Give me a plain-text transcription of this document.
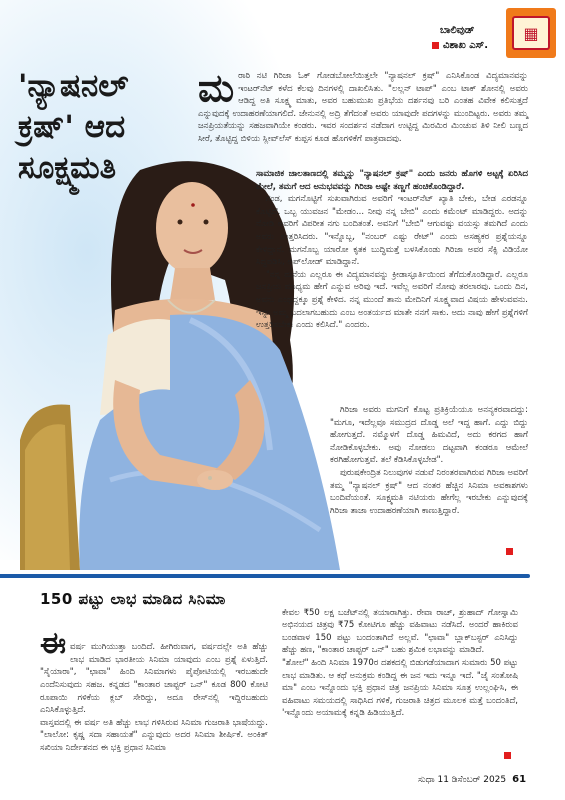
ಬಾಲಿವುಡ್
ವಿಶಾಖ ಎಸ್.
▦
'ನ್ಯಾಷನಲ್
ಕ್ರಷ್' ಆದ
ಸೂಕ್ಷ್ಮಮತಿ
ಮ ರಾಠಿ ನಟಿ ಗಿರಿಜಾ ಓಕ್ ಗೋಡಬೋಲೆಯಿತ್ತಲೇ "ನ್ಯಾಷನಲ್ ಕ್ರಷ್" ಎನಿಸಿಕೊಂಡ ವಿದ್ಯಮಾನವನ್ನು ಇಂಟರ್‌ನೆಟ್ ಕಳೆದ ಕೆಲವು ದಿನಗಳಲ್ಲಿ ದಾಖಲಿಸಿತು. "ಲಲ್ಲನ್ ಟಾಪ್" ಎಂಬ ಟಾಕ್ ಶೋನಲ್ಲಿ ಅವರು ಆಡಿದ್ದ ಅತಿ ಸೂಕ್ಷ್ಮ ಮಾತು, ಅವರ ಬಹುಮುಖ ಪ್ರತಿಭೆಯ ದರ್ಶನವು ಬರಿ ಎಂತಹ ವಿವೇಕ ಕಲಿಸುತ್ತದೆ ಎನ್ನುವುದಕ್ಕೆ ಉದಾಹರಣೆಯಾಗಲಿದೆ. ಜೇನುನಲ್ಲಿ ಅದ್ರಿ ತೆಗೆದಂತೆ ಅವರು ಯಾವುದೇ ಪದಗಳನ್ನು ಮುಂದಿಟ್ಟರು. ಅವರು ತಮ್ಮ ಜನಪ್ರಿಯತೆಯನ್ನು ಸಹಜವಾಗಿಯೇ ಕಂಡರು. ಇವರ ಸಂದರ್ಶನ ನಡೆದಾಗ ಉಟ್ಟಿದ್ದ ಮಿರಮಿರ ಮಿಂಚುವ ತಿಳಿ ನೀಲಿ ಬಣ್ಣದ ಸೀರೆ, ತೊಟ್ಟಿದ್ದ ಬಿಳಿಯ ಸ್ಲೀವ್‌ಲೆಸ್ ಕುಪ್ಪಸ ಕೂಡ ಹೊಗಳಿಕೆಗೆ ಪಾತ್ರವಾದವು.

ಸಾಮಾಜಿಕ ಜಾಲತಾಣದಲ್ಲಿ ತಮ್ಮನ್ನು "ನ್ಯಾಷನಲ್ ಕ್ರಷ್" ಎಂದು ಜನರು ಹೊಗಳಿ ಅಟ್ಟಕ್ಕೆ ಏರಿಸಿದ ಮೇಲೆ, ತಮಗೆ ಆದ ಅನುಭವವನ್ನು ಗಿರಿಜಾ ಅಷ್ಟೇ ತಣ್ಣಗೆ ಹಂಚಿಕೊಂಡಿದ್ದಾರೆ.

ಗಂಡ, ಮಗನೊಟ್ಟಿಗೆ ಸುಖವಾಗಿರುವ ಅವರಿಗೆ ಇಂಟರ್‌ನೆಟ್ ಖ್ಯಾತಿ ಬೇಕು, ಬೇಡ ಎರಡನ್ನೂ ಕೊಟ್ಟಿದೆ. ಒಬ್ಬ ಯುವಜನ "ಮೇಡಂ... ನೀವು ನನ್ನ ಬೇಬಿ" ಎಂದು ಕಮೆಂಟ್ ಮಾಡಿದ್ದರು. ಅದನ್ನು ನೋಡಿ ಅವರಿಗೆ ವಿಪರೀತ ನಗು ಬಂದಿತಂತೆ. ಅವನಿಗೆ "ಬೇಬಿ" ಆಗುವಷ್ಟು ವಯಸ್ಸು ತಮಗಿದೆ ಎಂದು ಅವರು ಉತ್ತರಿಸಿದರು. "ಇನ್ನೊಬ್ಬ, "ನಂಬರ್ ಎಷ್ಟು ರೇಟ್" ಎಂದು ಅಸಹ್ಯಕರ ಪ್ರಶ್ನೆಯನ್ನೂ ಕೇಳಿದ್ದಾನೆ. ಮಗನೊಬ್ಬ ಯಾರೋ ಕೃತಕ ಬುದ್ಧಿಮತ್ತೆ ಬಳಸಿಕೊಂಡು ಗಿರಿಜಾ ಅವರ ಸೆಕ್ಸಿ ವಿಡಿಯೋ ಸಿದ್ಧಪಡಿಸಿ, ಅಪ್‌ಲೋಡ್ ಮಾಡಿದ್ದಾನೆ.

"ನನ್ನ ಮನೆಯ ಎಲ್ಲರೂ ಈ ವಿದ್ಯಮಾನವನ್ನು ಕ್ರೀಡಾಸ್ಫೂರ್ತಿಯಿಂದ ತೆಗೆದುಕೊಂಡಿದ್ದಾರೆ. ಎಲ್ಲರೂ ಜನಪ್ರಿಯ ಮಾಧ್ಯಮ ಹೇಗೆ ಎನ್ನುವ ಅರಿವು ಇದೆ. ಇವೆಲ್ಲ ಅವರಿಗೆ ನೋವು ತರಲಾರವು. ಒಂದು ದಿನ, ಅವನು ಎಂಥದ್ದಕ್ಕೂ ಪ್ರಶ್ನೆ ಕೇಳಿದ. ನನ್ನ ಮುಂದೆ ತಾನು ಮೇದಿನಿಗೆ ಸೂಕ್ಷ್ಮವಾದ ವಿಷಯ ಹೇಳುವವನು. ಇನ್ನು ಅಮ್ಮ ಬದಲಾಗಬಹುದು ಎಂಬ ಅಂತರ್ಯದ ಮಾತೇ ನನಗೆ ಸಾಕು. ಅದು ನಾವು ಹೇಗೆ ಪ್ರಶ್ನೆಗಳಿಗೆ ಉತ್ತರಿಸಬೇಕು ಎಂದು ಕಲಿಸಿದೆ." ಎಂದರು.

ಗಿರಿಜಾ ಅವರು ಮಗನಿಗೆ ಕೊಟ್ಟ ಪ್ರತಿಕ್ರಿಯೆಯೂ ಅನನ್ಯಕರವಾದದ್ದು: "ಮಗೂ, ಇದೆಲ್ಲವೂ ಸಮುದ್ರದ ದೊಡ್ಡ ಅಲೆ ಇದ್ದ ಹಾಗೆ. ಎದ್ದು ಬಿದ್ದು ಹೋಗುತ್ತದೆ. ನಮ್ಮೊಳಗೆ ದೊಡ್ಡ ಹಿಮವಿದೆ, ಅದು ಕರಗದ ಹಾಗೆ ನೋಡಿಕೊಳ್ಳಬೇಕು. ಅವು ನೋಡಲು ದಟ್ಟವಾಗಿ ಕಂಡರೂ ಆಮೇಲೆ ಕರಗಿಹೋಗುತ್ತವೆ. ತಲೆ ಕೆಡಿಸಿಕೊಳ್ಳಬೇಡ".

ಪುರುಷಕೇಂದ್ರಿತ ನಿಲುವುಗಳ ನಡುವೆ ನಿರಂತರವಾಗಿರುವ ಗಿರಿಜಾ ಅವರಿಗೆ ತಮ್ಮ "ನ್ಯಾಷನಲ್ ಕ್ರಷ್" ಆದ ನಂತರ ಹೆಚ್ಚಿನ ಸಿನಿಮಾ ಅವಕಾಶಗಳು ಬಂದಿವೆಯಂತೆ. ಸೂಕ್ಷ್ಮಮತಿ ನಟಿಯರು ಹೇಗೆಲ್ಲ ಇರಬೇಕು ಎನ್ನುವುದಕ್ಕೆ ಗಿರಿಜಾ ತಾಜಾ ಉದಾಹರಣೆಯಾಗಿ ಕಾಣುತ್ತಿದ್ದಾರೆ.

150 ಪಟ್ಟು ಲಾಭ ಮಾಡಿದ ಸಿನಿಮಾ

ಈ ವರ್ಷ ಮುಗಿಯುತ್ತಾ ಬಂದಿದೆ. ಹೀಗಿರುವಾಗ, ವರ್ಷದಲ್ಲೇ ಅತಿ ಹೆಚ್ಚು ಲಾಭ ಮಾಡಿದ ಭಾರತೀಯ ಸಿನಿಮಾ ಯಾವುದು ಎಂಬ ಪ್ರಶ್ನೆ ಏಳುತ್ತಿದೆ. "ಸೈಯಾರಾ", "ಛಾವಾ" ಹಿಂದಿ ಸಿನಿಮಾಗಳು ಪೈಪೋಟಿಯಲ್ಲಿ ಇರಬಹುದೇ ಎಂದೆನಿಸುವುದು ಸಹಜ. ಕನ್ನಡದ "ಕಾಂತಾರ ಚಾಪ್ಟರ್ ಒನ್" ಕೂಡ 800 ಕೋಟಿ ರೂಪಾಯಿ ಗಳಿಕೆಯ ಕ್ಲಬ್ ಸೇರಿದ್ದು, ಅದೂ ರೇಸ್‌ನಲ್ಲಿ ಇದ್ದಿರಬಹುದು ಎನಿಸಿಕೊಳ್ಳುತ್ತಿದೆ.
ವಾಸ್ತವದಲ್ಲಿ ಈ ವರ್ಷ ಅತಿ ಹೆಚ್ಚು ಲಾಭ ಗಳಿಸಿರುವ ಸಿನಿಮಾ ಗುಜರಾತಿ ಭಾಷೆಯದ್ದು. "ಲಾಲೋ: ಕೃಷ್ಣ ಸದಾ ಸಹಾಯತೆ" ಎನ್ನುವುದು ಅದರ ಸಿನಿಮಾ ಶೀರ್ಷಿಕೆ. ಅಂಕಿತ್ ಸಖಿಯಾ ನಿರ್ದೇಶನದ ಈ ಭಕ್ತಿ ಪ್ರಧಾನ ಸಿನಿಮಾ

ಕೇವಲ ₹50 ಲಕ್ಷ ಬಜೆಟ್‌ನಲ್ಲಿ ತಯಾರಾಗಿತ್ತು. ರೇವಾ ರಾಚ್, ಶ್ರುಹಾದ್ ಗೋಸ್ವಾಮಿ ಅಭಿನಯದ ಚಿತ್ರವು ₹75 ಕೋಟಿಗೂ ಹೆಚ್ಚು ವಹಿವಾಟು ನಡೆಸಿದೆ. ಅಂದರೆ ಹಾಕಿರುವ ಬಂಡವಾಳ 150 ಪಟ್ಟು ಬಂದಂತಾಗಿದೆ ಅಲ್ಲವೆ. "ಛಾವಾ" ಬ್ಲಾಕ್‌ಬಸ್ಟರ್ ಎನಿಸಿದ್ದು ಹೆಚ್ಚು ಹಣ, "ಕಾಂತಾರ ಚಾಪ್ಟರ್ ಒನ್" ಬಹು ಶ್ರಮಿಕ ಲಭಾವನ್ನು ಮಾಡಿದೆ.
"ಶೋಲೆ" ಹಿಂದಿ ಸಿನಿಮಾ 1970ರ ದಶಕದಲ್ಲಿ ಬಿಡುಗಡೆಯಾದಾಗ ಸುಮಾರು 50 ಪಟ್ಟು ಲಾಭ ಮಾಡಿತು. ಆ ಕಥೆ ಅನುಕ್ರಮ ಕಂಡಿದ್ದ ಈ ಜನ ಇದು ಇನ್ನೂ ಇದೆ. "ಜೈ ಸಂತೋಷಿ ಮಾ" ಎಂಬ ಇನ್ನೊಂದು ಭಕ್ತಿ ಪ್ರಧಾನ ಚಿತ್ರ ಜನಪ್ರಿಯ ಸಿನಿಮಾ ಸೂತ್ರ ಉಲ್ಲಂಘಿಸಿ, ಈ ವಹಿವಾಟು ಸಮಯದಲ್ಲಿ ಸಾಧಿಸಿದ ಗಳಿಕೆ, ಗುಜರಾತಿ ಚಿತ್ರದ ಮೂಲಕ ಮತ್ತೆ ಬಂದಂತಿದೆ, 'ಇನ್ನೊಂದು ಅಯಾಮಕ್ಕೆ ಕನ್ನಡಿ ಹಿಡಿಯುತ್ತಿದೆ.

ಸುಧಾ 11 ಡಿಸೆಂಬರ್ 2025 61
